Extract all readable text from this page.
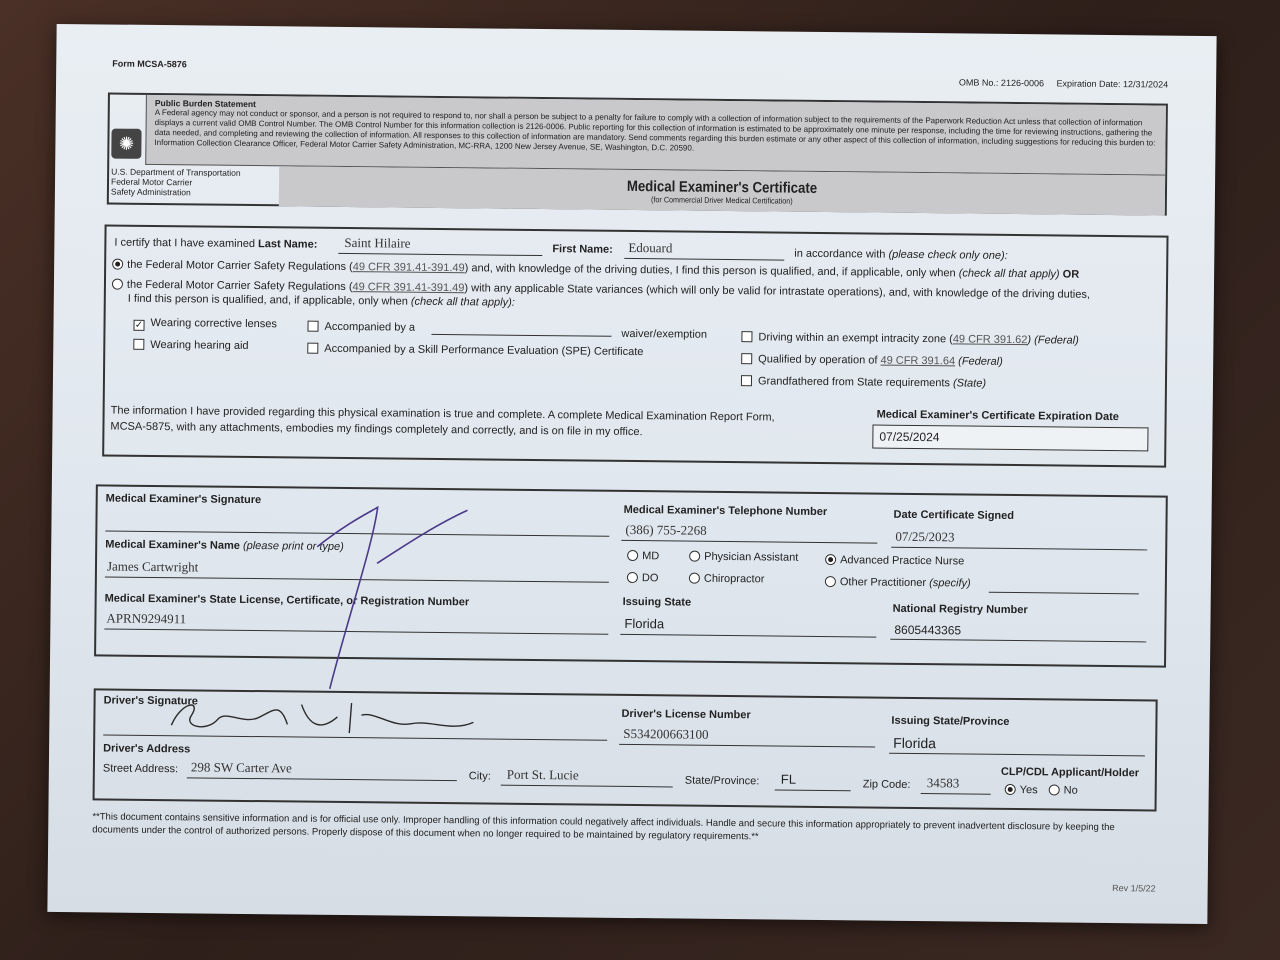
Form MCSA-5876
OMB No.: 2126-0006 Expiration Date: 12/31/2024
Public Burden Statement
A Federal agency may not conduct or sponsor, and a person is not required to respond to, nor shall a person be subject to a penalty for failure to comply with a collection of information subject to the requirements of the Paperwork Reduction Act unless that collection of information displays a current valid OMB Control Number. The OMB Control Number for this information collection is 2126-0006. Public reporting for this collection of information is estimated to be approximately one minute per response, including the time for reviewing instructions, gathering the data needed, and completing and reviewing the collection of information. All responses to this collection of information are mandatory. Send comments regarding this burden estimate or any other aspect of this collection of information, including suggestions for reducing this burden to: Information Collection Clearance Officer, Federal Motor Carrier Safety Administration, MC-RRA, 1200 New Jersey Avenue, SE, Washington, D.C. 20590.
✺
U.S. Department of Transportation
Federal Motor Carrier
Safety Administration	Medical Examiner's Certificate
(for Commercial Driver Medical Certification)
I certify that I have examined Last Name: Saint Hilaire	First Name: Edouard	in accordance with (please check only one):
the Federal Motor Carrier Safety Regulations (49 CFR 391.41-391.49) and, with knowledge of the driving duties, I find this person is qualified, and, if applicable, only when (check all that apply) OR
the Federal Motor Carrier Safety Regulations (49 CFR 391.41-391.49) with any applicable State variances (which will only be valid for intrastate operations), and, with knowledge of the driving duties,
I find this person is qualified, and, if applicable, only when (check all that apply):
✓ Wearing corrective lenses
Wearing hearing aid
Accompanied by a
waiver/exemption
Accompanied by a Skill Performance Evaluation (SPE) Certificate
Driving within an exempt intracity zone (49 CFR 391.62) (Federal)
Qualified by operation of 49 CFR 391.64 (Federal)
Grandfathered from State requirements (State)
The information I have provided regarding this physical examination is true and complete. A complete Medical Examination Report Form,
MCSA-5875, with any attachments, embodies my findings completely and correctly, and is on file in my office.
Medical Examiner's Certificate Expiration Date
07/25/2024
Medical Examiner's Signature
Medical Examiner's Name (please print or type)
James Cartwright
Medical Examiner's State License, Certificate, or Registration Number
APRN9294911
Medical Examiner's Telephone Number
(386) 755-2268
Date Certificate Signed
07/25/2023
MD
DO
Physician Assistant
Chiropractor
Advanced Practice Nurse
Other Practitioner (specify)
Issuing State
Florida
National Registry Number
8605443365
Driver's Signature
Driver's Address
Street Address: 298 SW Carter Ave
City: Port St. Lucie	State/Province: FL	Zip Code: 34583
Driver's License Number
S534200663100
Issuing State/Province
Florida
CLP/CDL Applicant/Holder
Yes	No
**This document contains sensitive information and is for official use only. Improper handling of this information could negatively affect individuals. Handle and secure this information appropriately to prevent inadvertent disclosure by keeping the documents under the control of authorized persons. Properly dispose of this document when no longer required to be maintained by regulatory requirements.**
Rev 1/5/22
